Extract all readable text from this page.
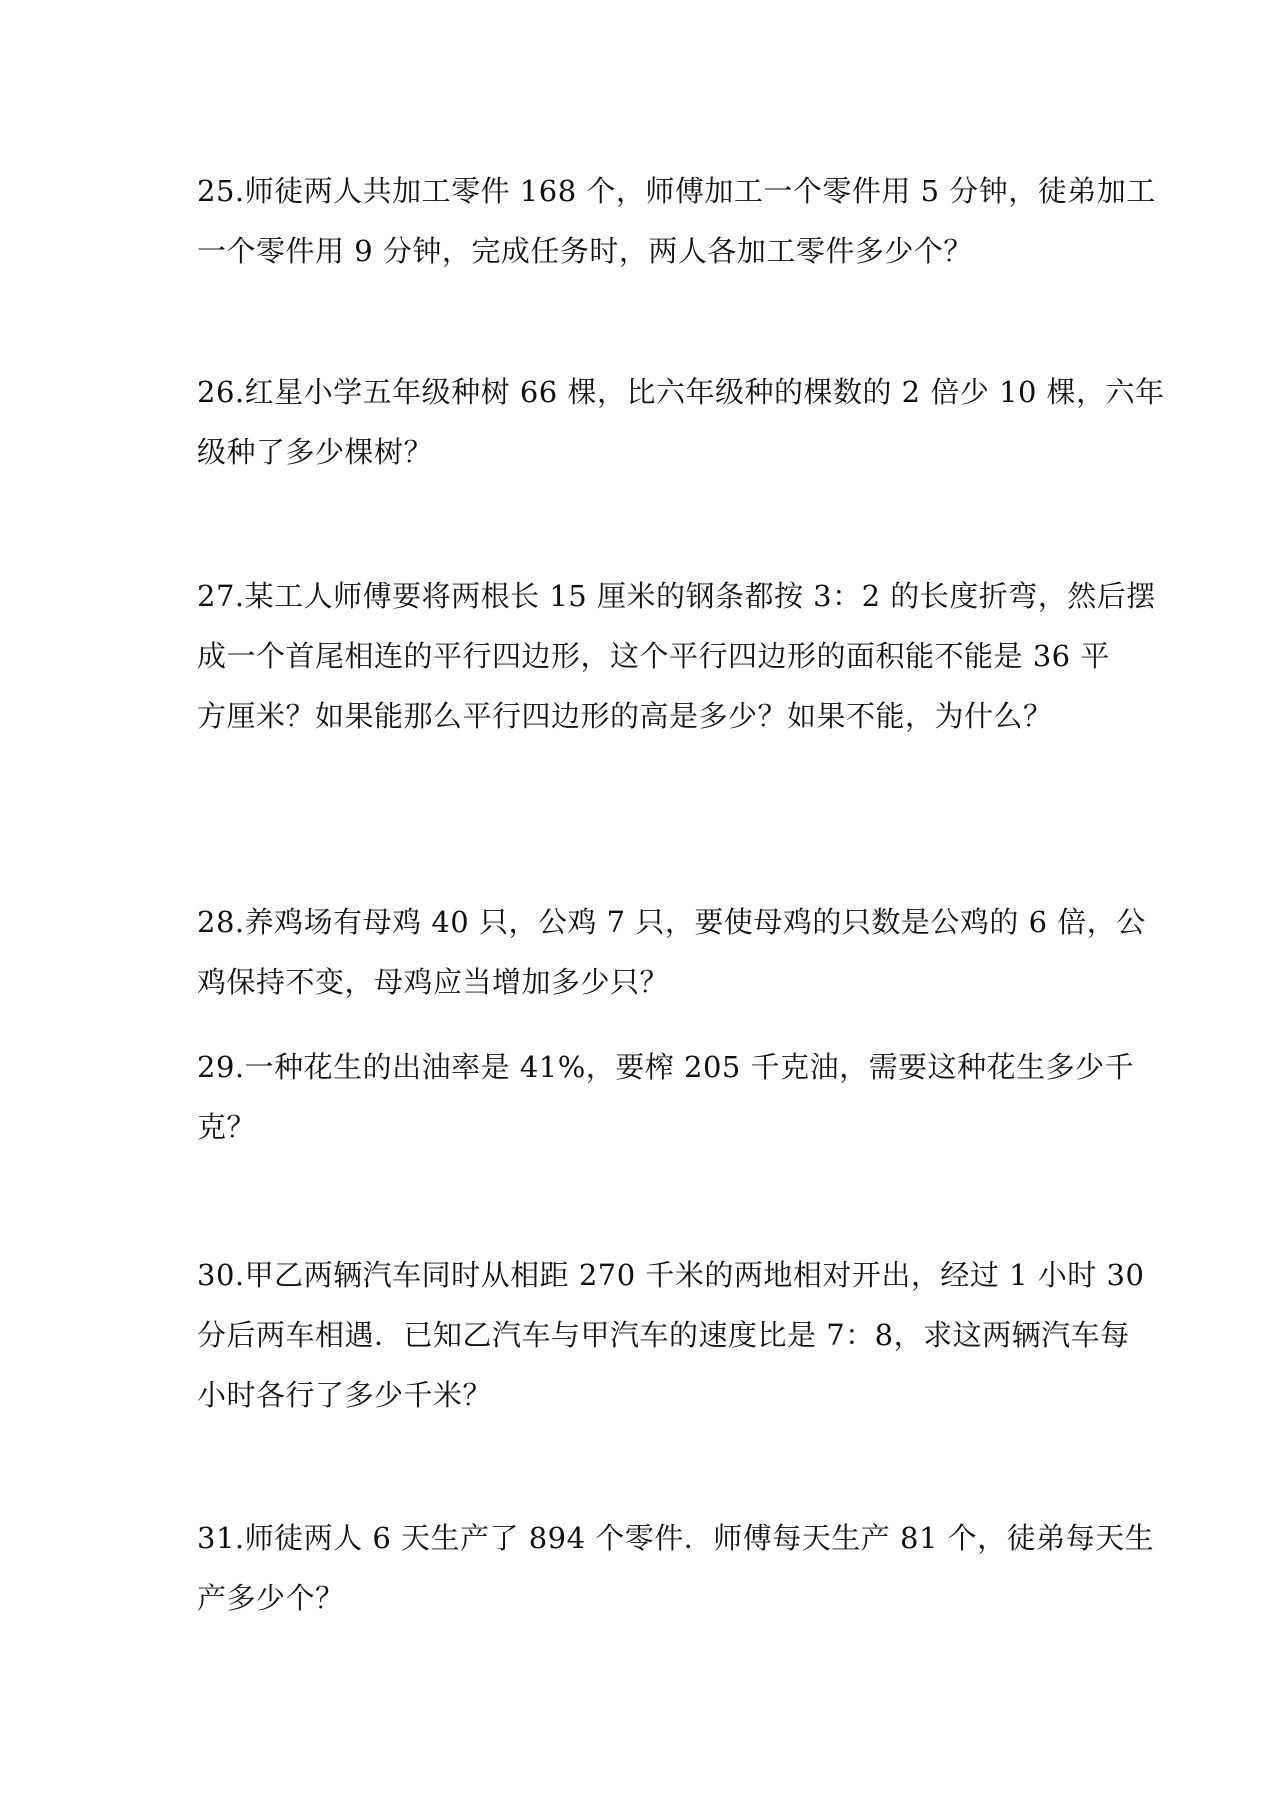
25.师徒两人共加工零件 168 个，师傅加工一个零件用 5 分钟，徒弟加工
一个零件用 9 分钟，完成任务时，两人各加工零件多少个？
26.红星小学五年级种树 66 棵，比六年级种的棵数的 2 倍少 10 棵，六年
级种了多少棵树？
27.某工人师傅要将两根长 15 厘米的钢条都按 3：2 的长度折弯，然后摆
成一个首尾相连的平行四边形，这个平行四边形的面积能不能是 36 平
方厘米？如果能那么平行四边形的高是多少？如果不能，为什么？
28.养鸡场有母鸡 40 只，公鸡 7 只，要使母鸡的只数是公鸡的 6 倍，公
鸡保持不变，母鸡应当增加多少只？
29.一种花生的出油率是 41%，要榨 205 千克油，需要这种花生多少千
克？
30.甲乙两辆汽车同时从相距 270 千米的两地相对开出，经过 1 小时 30
分后两车相遇．已知乙汽车与甲汽车的速度比是 7：8，求这两辆汽车每
小时各行了多少千米？
31.师徒两人 6 天生产了 894 个零件．师傅每天生产 81 个，徒弟每天生
产多少个？
